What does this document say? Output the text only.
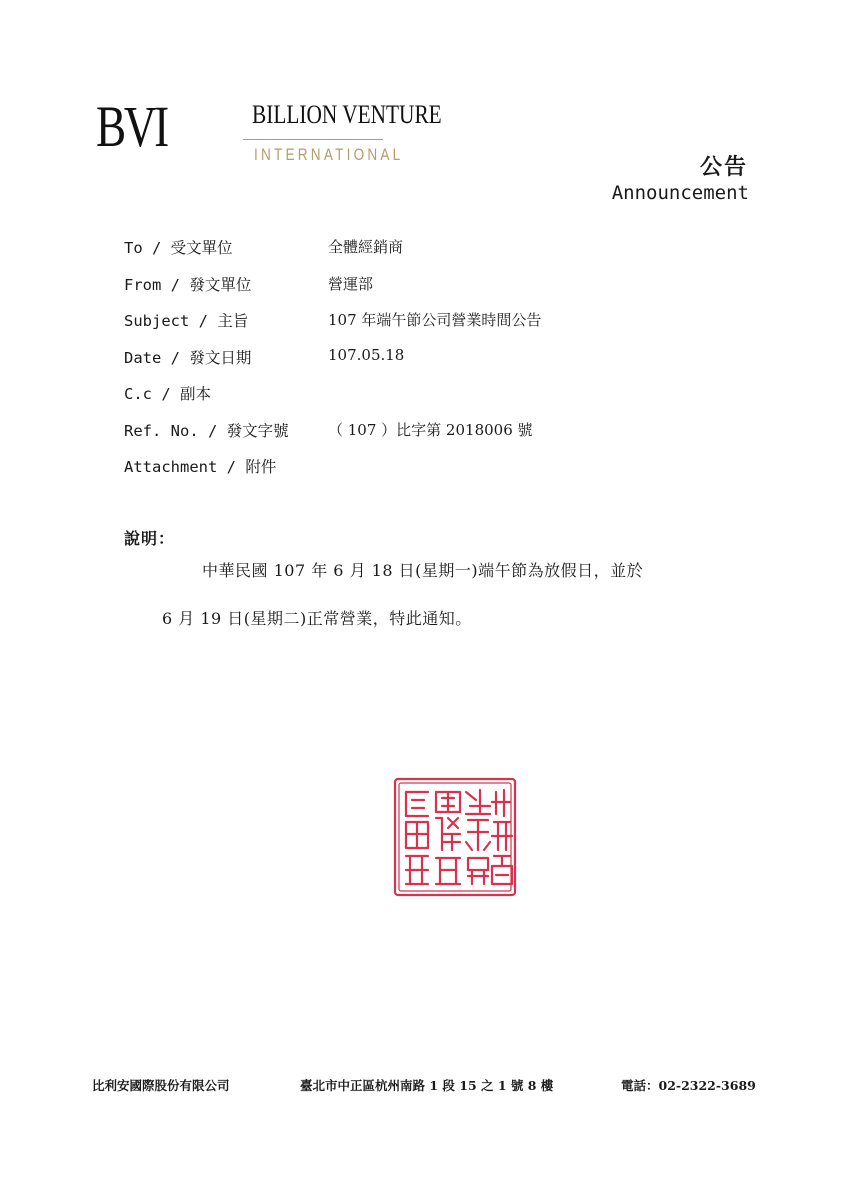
BVI	BILLION VENTURE
INTERNATIONAL	公告
Announcement
To / 受文單位	全體經銷商
From / 發文單位	營運部
Subject / 主旨	107 年端午節公司營業時間公告
Date / 發文日期	107.05.18
C.c / 副本
Ref. No. / 發文字號	（ 107 ）比字第 2018006 號
Attachment / 附件
說明：
中華民國 107 年 6 月 18 日(星期一)端午節為放假日，並於
6 月 19 日(星期二)正常營業，特此通知。
比利安國際股份有限公司	臺北市中正區杭州南路 1 段 15 之 1 號 8 樓	電話：02-2322-3689
